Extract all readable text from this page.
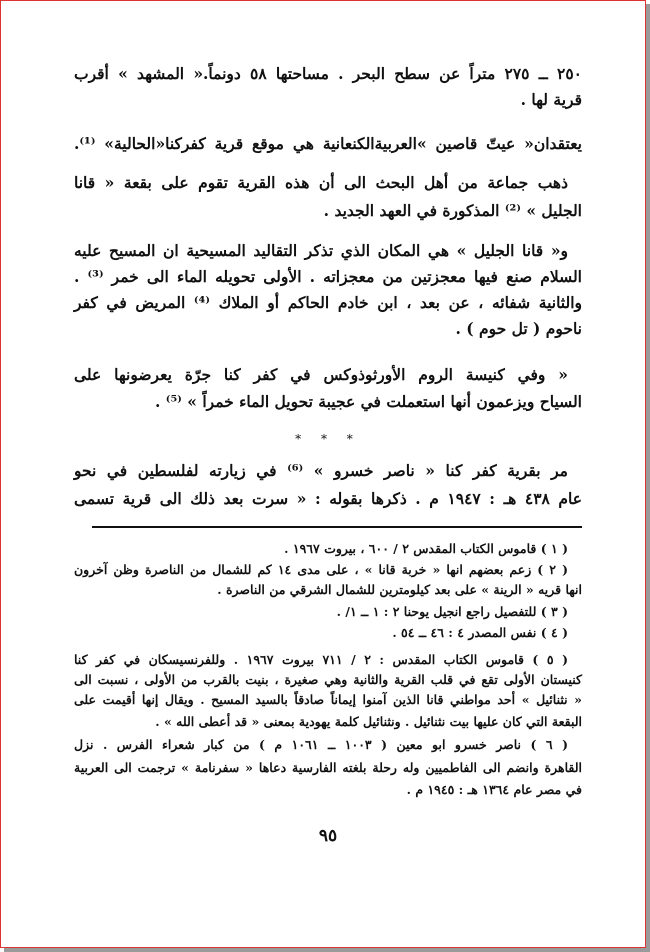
٢٥٠ ــ ٢٧٥ متراً عن سطح البحر . مساحتها ٥٨ دونماً.« المشهد » أقرب
قرية لها .
يعتقدان« عيتّ قاصين »العربيةالكنعانية هي موقع قرية كفركنا«الحالية» ⁽¹⁾.
ذهب جماعة من أهل البحث الى أن هذه القرية تقوم على بقعة « قانا
الجليل » ⁽²⁾ المذكورة في العهد الجديد .
و« قانا الجليل » هي المكان الذي تذكر التقاليد المسيحية ان المسيح عليه
السلام صنع فيها معجزتين من معجزاته . الأولى تحويله الماء الى خمر ⁽³⁾ .
والثانية شفائه ، عن بعد ، ابن خادم الحاكم أو الملاك ⁽⁴⁾ المريض في كفر
ناحوم ( تل حوم ) .
« وفي كنيسة الروم الأورثوذوكس في كفر كنا جرّة يعرضونها على
السياح ويزعمون أنها استعملت في عجيبة تحويل الماء خمراً » ⁽⁵⁾ .
* * *
مر بقرية كفر كنا « ناصر خسرو » ⁽⁶⁾ في زيارته لفلسطين في نحو
عام ٤٣٨ هـ : ١٩٤٧ م . ذكرها بقوله : « سرت بعد ذلك الى قرية تسمى
( ١ ) قاموس الكتاب المقدس ٢ / ٦٠٠ ، بيروت ١٩٦٧ .
( ٢ ) زعم بعضهم انها « خربة قانا » ، على مدى ١٤ كم للشمال من الناصرة وظن آخرون
انها قريه « الرينة » على بعد كيلومترين للشمال الشرقي من الناصرة .
( ٣ ) للتفصيل راجع انجيل يوحنا ٢ : ١ ــ ١/ .
( ٤ ) نفس المصدر ٤ : ٤٦ ــ ٥٤ .
( ٥ ) قاموس الكتاب المقدس : ٢ / ٧١١ بيروت ١٩٦٧ . وللفرنسيسكان في كفر كنا
كنيستان الأولى تقع في قلب القرية والثانية وهي صغيرة ، بنيت بالقرب من الأولى ، نسبت الى
« نثنائيل » أحد مواطني قانا الذين آمنوا إيماناً صادقاً بالسيد المسيح . ويقال إنها أقيمت على
البقعة التي كان عليها بيت نثنائيل . ونثنائيل كلمة يهودية بمعنى « قد أعطى الله » .
( ٦ ) ناصر خسرو ابو معين ( ١٠٠٣ ــ ١٠٦١ م ) من كبار شعراء الفرس . نزل
القاهرة وانضم الى الفاطميين وله رحلة بلغته الفارسية دعاها « سفرنامة » ترجمت الى العربية
في مصر عام ١٣٦٤ هـ : ١٩٤٥ م .
٩٥
